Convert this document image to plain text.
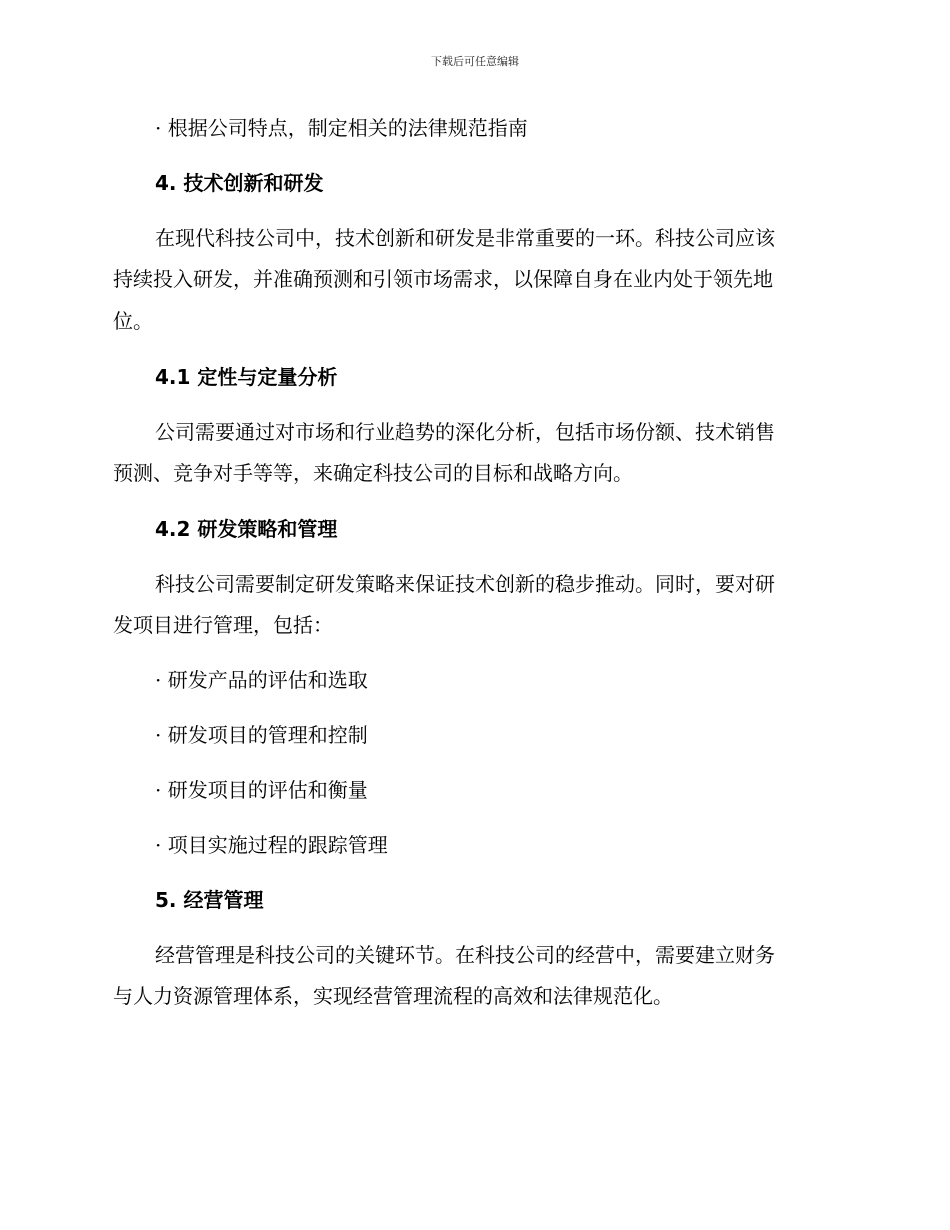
下载后可任意编辑
· 根据公司特点，制定相关的法律规范指南
4. 技术创新和研发
在现代科技公司中，技术创新和研发是非常重要的一环。科技公司应该
持续投入研发，并准确预测和引领市场需求，以保障自身在业内处于领先地
位。
4.1 定性与定量分析
公司需要通过对市场和行业趋势的深化分析，包括市场份额、技术销售
预测、竞争对手等等，来确定科技公司的目标和战略方向。
4.2 研发策略和管理
科技公司需要制定研发策略来保证技术创新的稳步推动。同时，要对研
发项目进行管理，包括：
· 研发产品的评估和选取
· 研发项目的管理和控制
· 研发项目的评估和衡量
· 项目实施过程的跟踪管理
5. 经营管理
经营管理是科技公司的关键环节。在科技公司的经营中，需要建立财务
与人力资源管理体系，实现经营管理流程的高效和法律规范化。
